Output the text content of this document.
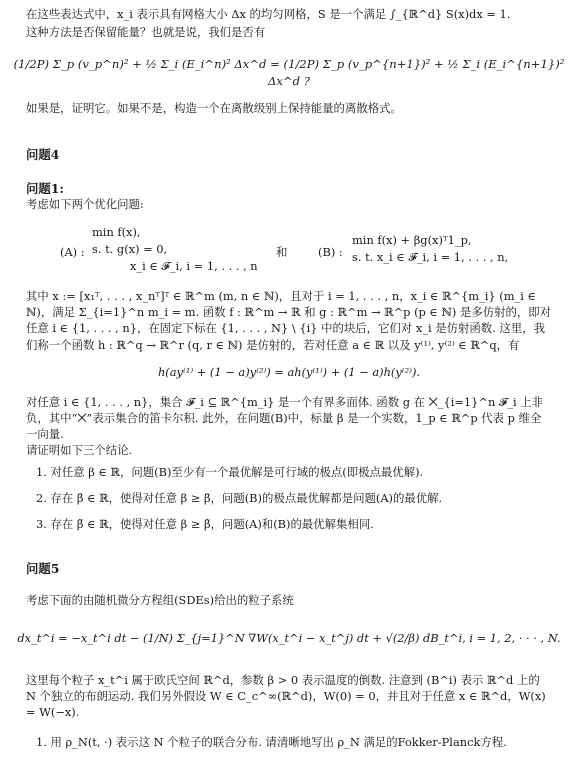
在这些表达式中，x_i 表示具有网格大小 Δx 的均匀网格，S 是一个满足 ∫_{ℝ^d} S(x)dx = 1.

这种方法是否保留能量？也就是说，我们是否有

(1/2P) Σ_p (v_p^n)² + ½ Σ_i (E_i^n)² Δx^d = (1/2P) Σ_p (v_p^{n+1})² + ½ Σ_i (E_i^{n+1})² Δx^d ?

如果是，证明它。如果不是，构造一个在离散级别上保持能量的离散格式。

问题4

问题1:

考虑如下两个优化问题:

(A) :
min f(x),
s. t. g(x) = 0,
x_i ∈ 𝓕_i, i = 1, . . . , n
和	(B) :
min f(x) + βg(x)ᵀ1_p,
s. t. x_i ∈ 𝓕_i, i = 1, . . . , n,

其中 x := [x₁ᵀ, . . . , x_nᵀ]ᵀ ∈ ℝ^m (m, n ∈ ℕ)，且对于 i = 1, . . . , n，x_i ∈ ℝ^{m_i} (m_i ∈ ℕ)，满足 Σ_{i=1}^n m_i = m. 函数 f : ℝ^m → ℝ 和 g : ℝ^m → ℝ^p (p ∈ ℕ) 是多仿射的，即对任意 i ∈ {1, . . . , n}，在固定下标在 {1, . . . , N} \ {i} 中的块后，它们对 x_i 是仿射函数. 这里，我们称一个函数 h : ℝ^q → ℝ^r (q, r ∈ ℕ) 是仿射的，若对任意 a ∈ ℝ 以及 y⁽¹⁾, y⁽²⁾ ∈ ℝ^q，有

h(ay⁽¹⁾ + (1 − a)y⁽²⁾) = ah(y⁽¹⁾) + (1 − a)h(y⁽²⁾).

对任意 i ∈ {1, . . . , n}，集合 𝓕_i ⊆ ℝ^{m_i} 是一个有界多面体. 函数 g 在 ⨉_{i=1}^n 𝓕_i 上非负，其中“⨉”表示集合的笛卡尔积. 此外，在问题(B)中，标量 β 是一个实数，1_p ∈ ℝ^p 代表 p 维全一向量.

请证明如下三个结论.

1. 对任意 β ∈ ℝ，问题(B)至少有一个最优解是可行域的极点(即极点最优解).

2. 存在 β̄ ∈ ℝ，使得对任意 β ≥ β̄，问题(B)的极点最优解都是问题(A)的最优解.

3. 存在 β̃ ∈ ℝ，使得对任意 β ≥ β̃，问题(A)和(B)的最优解集相同.

问题5

考虑下面的由随机微分方程组(SDEs)给出的粒子系统

dx_t^i = −x_t^i dt − (1/N) Σ_{j=1}^N ∇W(x_t^i − x_t^j) dt + √(2/β) dB_t^i, i = 1, 2, · · · , N.

这里每个粒子 x_t^i 属于欧氏空间 ℝ^d，参数 β > 0 表示温度的倒数. 注意到 (B^i) 表示 ℝ^d 上的 N 个独立的布朗运动. 我们另外假设 W ∈ C_c^∞(ℝ^d)，W(0) = 0，并且对于任意 x ∈ ℝ^d，W(x) = W(−x).

1. 用 ρ_N(t, ·) 表示这 N 个粒子的联合分布. 请清晰地写出 ρ_N 满足的Fokker-Planck方程.
